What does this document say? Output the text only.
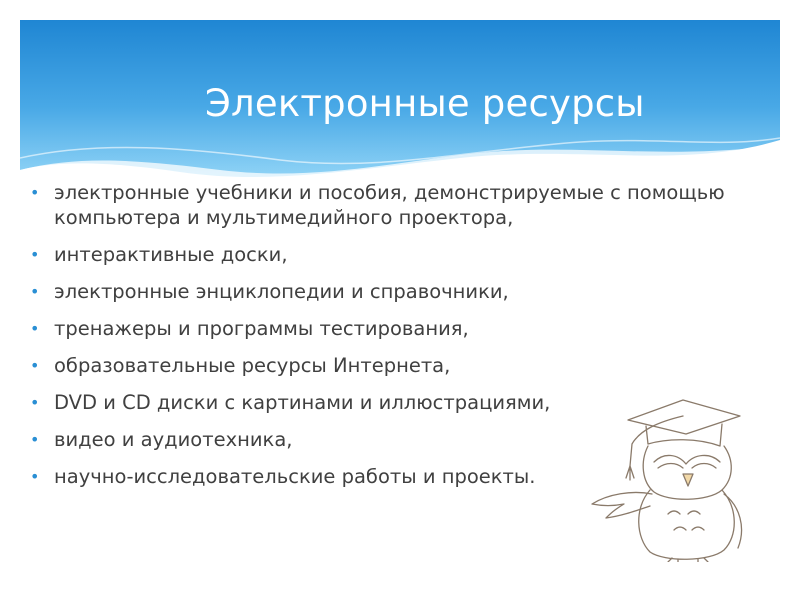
Электронные ресурсы
• электронные учебники и пособия, демонстрируемые с помощью компьютера и мультимедийного проектора,
• интерактивные доски,
• электронные энциклопедии и справочники,
• тренажеры и программы тестирования,
• образовательные ресурсы Интернета,
• DVD и CD диски с картинами и иллюстрациями,
• видео и аудиотехника,
• научно-исследовательские работы и проекты.
